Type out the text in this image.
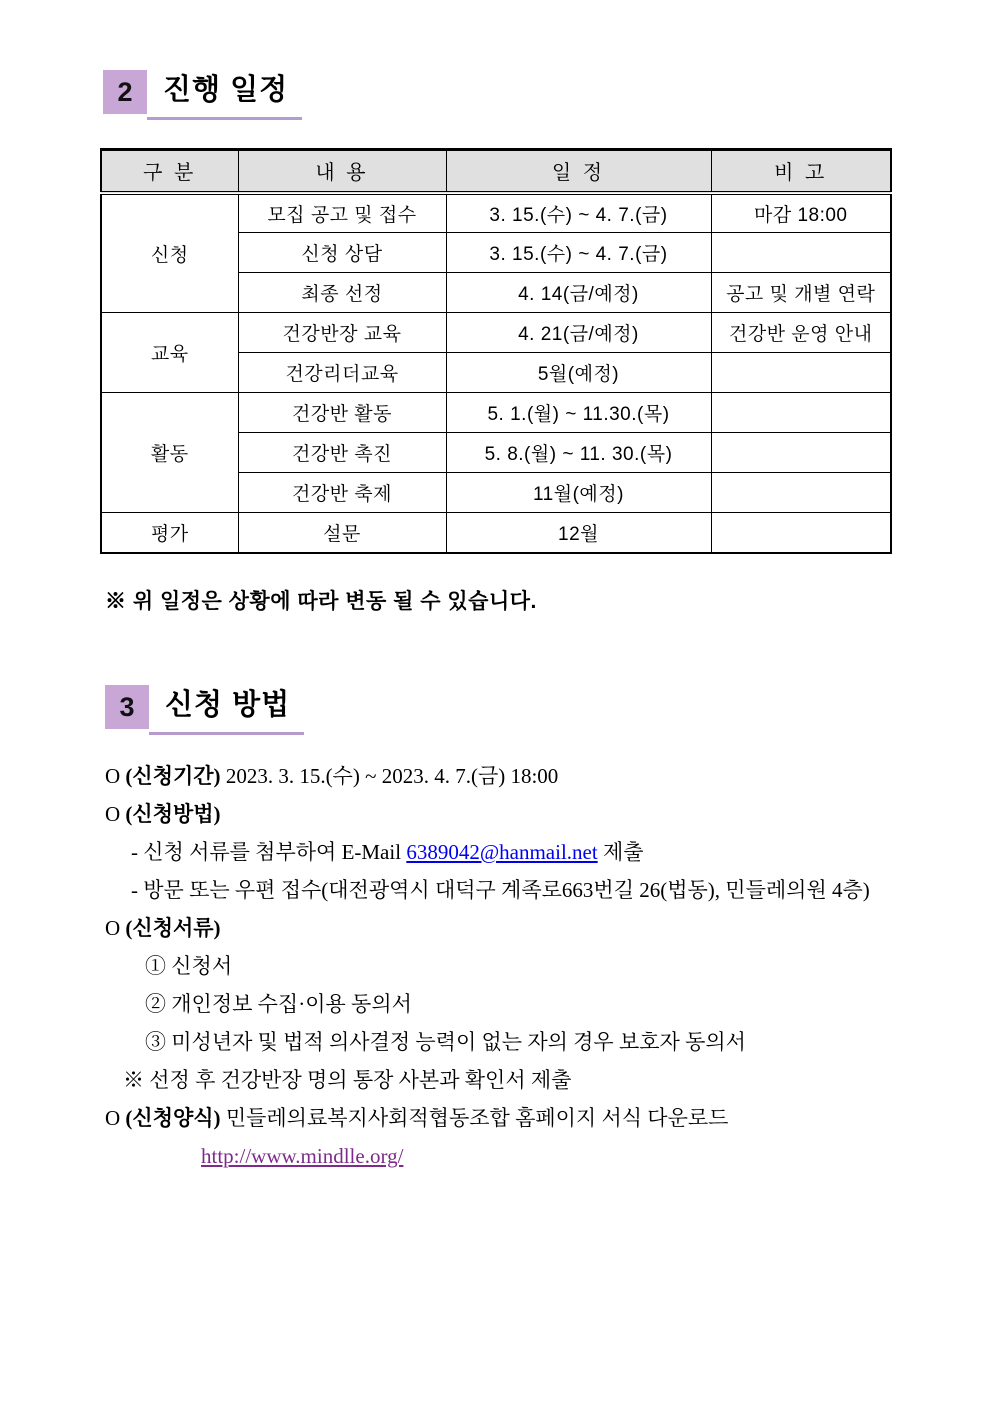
2	진행 일정
구 분	내 용	일 정	비 고
신청	모집 공고 및 접수	3. 15.(수) ~ 4. 7.(금)	마감 18:00
	신청 상담	3. 15.(수) ~ 4. 7.(금)	
	최종 선정	4. 14(금/예정)	공고 및 개별 연락
교육	건강반장 교육	4. 21(금/예정)	건강반 운영 안내
	건강리더교육	5월(예정)	
활동	건강반 활동	5. 1.(월) ~ 11.30.(목)	
	건강반 촉진	5. 8.(월) ~ 11. 30.(목)	
	건강반 축제	11월(예정)	
평가	설문	12월	
※ 위 일정은 상황에 따라 변동 될 수 있습니다.
3	신청 방법
Ο (신청기간) 2023. 3. 15.(수) ~ 2023. 4. 7.(금) 18:00
Ο (신청방법)
- 신청 서류를 첨부하여 E-Mail 6389042@hanmail.net 제출
- 방문 또는 우편 접수(대전광역시 대덕구 계족로663번길 26(법동), 민들레의원 4층)
Ο (신청서류)
① 신청서
② 개인정보 수집·이용 동의서
③ 미성년자 및 법적 의사결정 능력이 없는 자의 경우 보호자 동의서
※ 선정 후 건강반장 명의 통장 사본과 확인서 제출
Ο (신청양식) 민들레의료복지사회적협동조합 홈페이지 서식 다운로드
http://www.mindlle.org/
